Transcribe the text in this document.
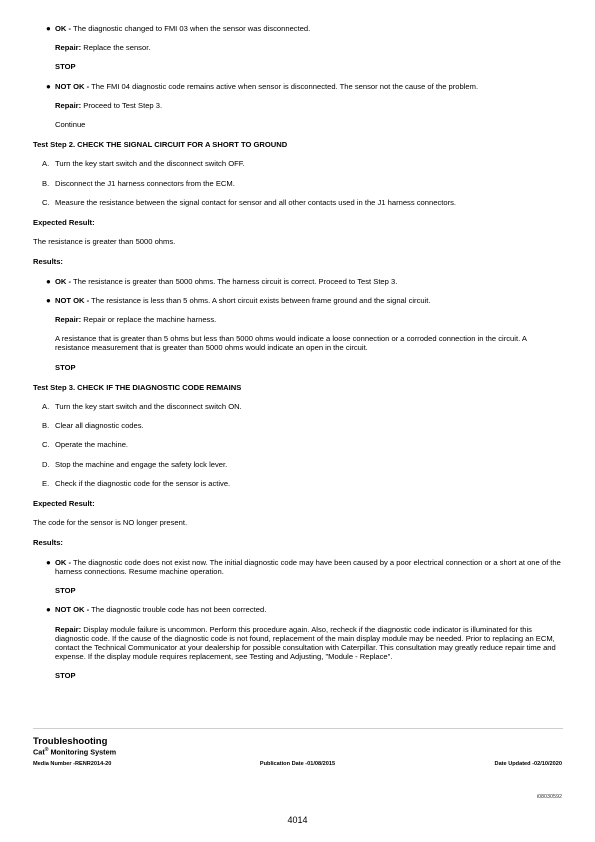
● OK - The diagnostic changed to FMI 03 when the sensor was disconnected.
Repair: Replace the sensor.
STOP
● NOT OK - The FMI 04 diagnostic code remains active when sensor is disconnected. The sensor not the cause of the problem.
Repair: Proceed to Test Step 3.
Continue
Test Step 2. CHECK THE SIGNAL CIRCUIT FOR A SHORT TO GROUND
A. Turn the key start switch and the disconnect switch OFF.
B. Disconnect the J1 harness connectors from the ECM.
C. Measure the resistance between the signal contact for sensor and all other contacts used in the J1 harness connectors.
Expected Result:
The resistance is greater than 5000 ohms.
Results:
● OK - The resistance is greater than 5000 ohms. The harness circuit is correct. Proceed to Test Step 3.
● NOT OK - The resistance is less than 5 ohms. A short circuit exists between frame ground and the signal circuit.
Repair: Repair or replace the machine harness.
A resistance that is greater than 5 ohms but less than 5000 ohms would indicate a loose connection or a corroded connection in the circuit. A resistance measurement that is greater than 5000 ohms would indicate an open in the circuit.
STOP
Test Step 3. CHECK IF THE DIAGNOSTIC CODE REMAINS
A. Turn the key start switch and the disconnect switch ON.
B. Clear all diagnostic codes.
C. Operate the machine.
D. Stop the machine and engage the safety lock lever.
E. Check if the diagnostic code for the sensor is active.
Expected Result:
The code for the sensor is NO longer present.
Results:
● OK - The diagnostic code does not exist now. The initial diagnostic code may have been caused by a poor electrical connection or a short at one of the harness connections. Resume machine operation.
STOP
● NOT OK - The diagnostic trouble code has not been corrected.
Repair: Display module failure is uncommon. Perform this procedure again. Also, recheck if the diagnostic code indicator is illuminated for this diagnostic code. If the cause of the diagnostic code is not found, replacement of the main display module may be needed. Prior to replacing an ECM, contact the Technical Communicator at your dealership for possible consultation with Caterpillar. This consultation may greatly reduce repair time and expense. If the display module requires replacement, see Testing and Adjusting, "Module - Replace".
STOP
Troubleshooting
Cat® Monitoring System
Media Number -RENR2014-20	Publication Date -01/08/2015	Date Updated -02/10/2020
i08030592
4014
